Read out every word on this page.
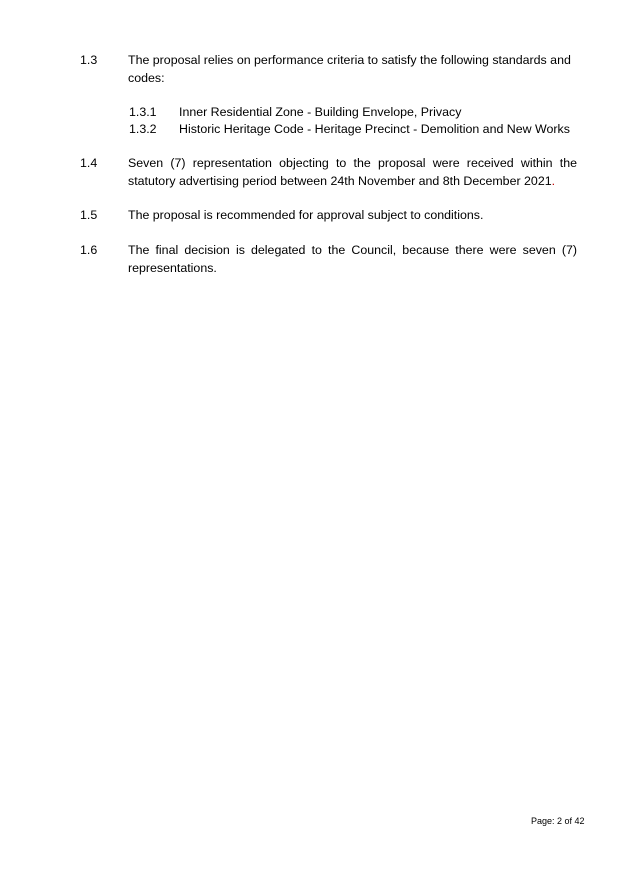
1.3 The proposal relies on performance criteria to satisfy the following standards and codes:
1.3.1 Inner Residential Zone - Building Envelope, Privacy
1.3.2 Historic Heritage Code - Heritage Precinct - Demolition and New Works
1.4 Seven (7) representation objecting to the proposal were received within the statutory advertising period between 24th November and 8th December 2021.
1.5 The proposal is recommended for approval subject to conditions.
1.6 The final decision is delegated to the Council, because there were seven (7) representations.
Page: 2 of 42
